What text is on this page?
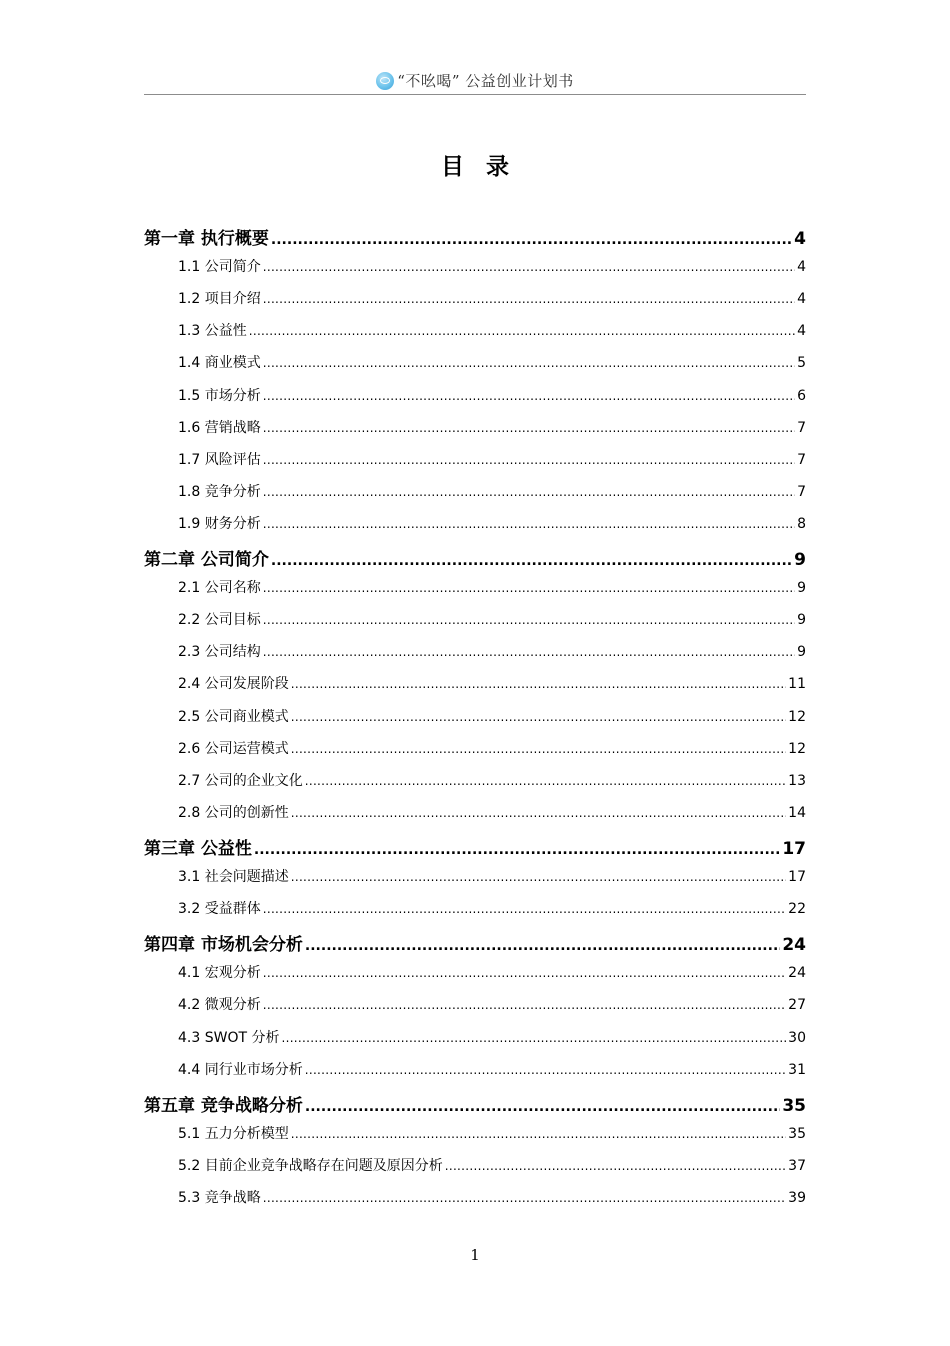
“不吆喝” 公益创业计划书
目录
第一章 执行概要 .....	4
1.1 公司简介 .....	4
1.2 项目介绍 .....	4
1.3 公益性 .....	4
1.4 商业模式 .....	5
1.5 市场分析 .....	6
1.6 营销战略 .....	7
1.7 风险评估 .....	7
1.8 竞争分析 .....	7
1.9 财务分析 .....	8
第二章 公司简介 .....	9
2.1 公司名称 .....	9
2.2 公司目标 .....	9
2.3 公司结构 .....	9
2.4 公司发展阶段 .....	11
2.5 公司商业模式 .....	12
2.6 公司运营模式 .....	12
2.7 公司的企业文化 .....	13
2.8 公司的创新性 .....	14
第三章 公益性 .....	17
3.1 社会问题描述 .....	17
3.2 受益群体 .....	22
第四章 市场机会分析 .....	24
4.1 宏观分析 .....	24
4.2 微观分析 .....	27
4.3 SWOT 分析 .....	30
4.4 同行业市场分析 .....	31
第五章 竞争战略分析 .....	35
5.1 五力分析模型 .....	35
5.2 目前企业竞争战略存在问题及原因分析 .....	37
5.3 竞争战略 .....	39
1
